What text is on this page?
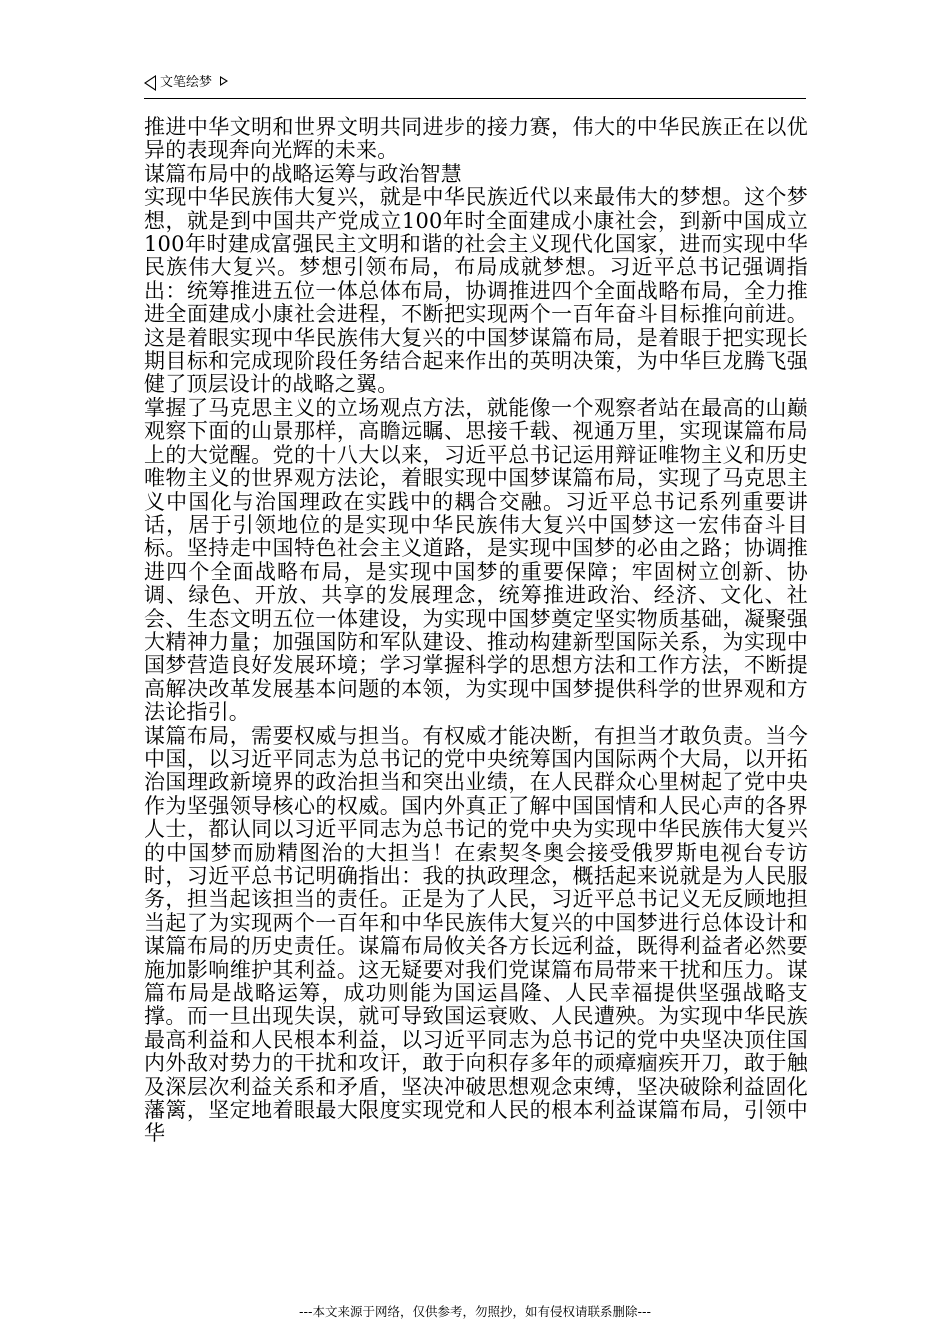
文笔绘梦

推进中华文明和世界文明共同进步的接力赛，伟大的中华民族正在以优异的表现奔向光辉的未来。

谋篇布局中的战略运筹与政治智慧

实现中华民族伟大复兴，就是中华民族近代以来最伟大的梦想。这个梦想，就是到中国共产党成立100年时全面建成小康社会，到新中国成立100年时建成富强民主文明和谐的社会主义现代化国家，进而实现中华民族伟大复兴。梦想引领布局，布局成就梦想。习近平总书记强调指出：统筹推进五位一体总体布局，协调推进四个全面战略布局，全力推进全面建成小康社会进程，不断把实现两个一百年奋斗目标推向前进。这是着眼实现中华民族伟大复兴的中国梦谋篇布局，是着眼于把实现长期目标和完成现阶段任务结合起来作出的英明决策，为中华巨龙腾飞强健了顶层设计的战略之翼。

掌握了马克思主义的立场观点方法，就能像一个观察者站在最高的山巅观察下面的山景那样，高瞻远瞩、思接千载、视通万里，实现谋篇布局上的大觉醒。党的十八大以来，习近平总书记运用辩证唯物主义和历史唯物主义的世界观方法论，着眼实现中国梦谋篇布局，实现了马克思主义中国化与治国理政在实践中的耦合交融。习近平总书记系列重要讲话，居于引领地位的是实现中华民族伟大复兴中国梦这一宏伟奋斗目标。坚持走中国特色社会主义道路，是实现中国梦的必由之路；协调推进四个全面战略布局，是实现中国梦的重要保障；牢固树立创新、协调、绿色、开放、共享的发展理念，统筹推进政治、经济、文化、社会、生态文明五位一体建设，为实现中国梦奠定坚实物质基础，凝聚强大精神力量；加强国防和军队建设、推动构建新型国际关系，为实现中国梦营造良好发展环境；学习掌握科学的思想方法和工作方法，不断提高解决改革发展基本问题的本领，为实现中国梦提供科学的世界观和方法论指引。

谋篇布局，需要权威与担当。有权威才能决断，有担当才敢负责。当今中国，以习近平同志为总书记的党中央统筹国内国际两个大局，以开拓治国理政新境界的政治担当和突出业绩，在人民群众心里树起了党中央作为坚强领导核心的权威。国内外真正了解中国国情和人民心声的各界人士，都认同以习近平同志为总书记的党中央为实现中华民族伟大复兴的中国梦而励精图治的大担当！在索契冬奥会接受俄罗斯电视台专访时，习近平总书记明确指出：我的执政理念，概括起来说就是为人民服务，担当起该担当的责任。正是为了人民，习近平总书记义无反顾地担当起了为实现两个一百年和中华民族伟大复兴的中国梦进行总体设计和谋篇布局的历史责任。谋篇布局攸关各方长远利益，既得利益者必然要施加影响维护其利益。这无疑要对我们党谋篇布局带来干扰和压力。谋篇布局是战略运筹，成功则能为国运昌隆、人民幸福提供坚强战略支撑。而一旦出现失误，就可导致国运衰败、人民遭殃。为实现中华民族最高利益和人民根本利益，以习近平同志为总书记的党中央坚决顶住国内外敌对势力的干扰和攻讦，敢于向积存多年的顽瘴痼疾开刀，敢于触及深层次利益关系和矛盾，坚决冲破思想观念束缚，坚决破除利益固化藩篱，坚定地着眼最大限度实现党和人民的根本利益谋篇布局，引领中华

---本文来源于网络，仅供参考，勿照抄，如有侵权请联系删除---
